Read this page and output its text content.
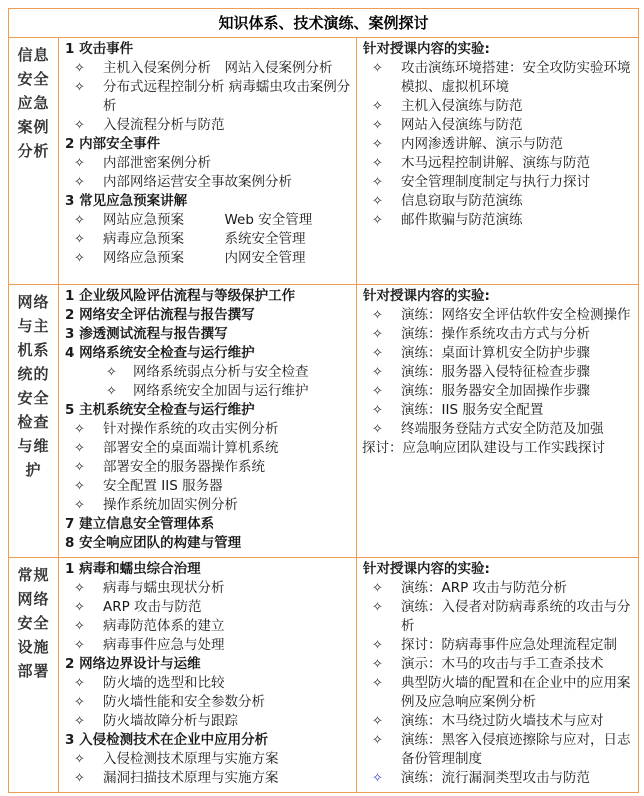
知识体系、技术演练、案例探讨
信息
安全
应急
案例
分析
1 攻击事件
✧ 主机入侵案例分析　网站入侵案例分析
✧ 分布式远程控制分析 病毒蠕虫攻击案例分析
✧ 入侵流程分析与防范
2 内部安全事件
✧ 内部泄密案例分析
✧ 内部网络运营安全事故案例分析
3 常见应急预案讲解
✧ 网站应急预案　　　Web 安全管理
✧ 病毒应急预案　　　系统安全管理
✧ 网络应急预案　　　内网安全管理
针对授课内容的实验:
✧ 攻击演练环境搭建：安全攻防实验环境模拟、虚拟机环境
✧ 主机入侵演练与防范
✧ 网站入侵演练与防范
✧ 内网渗透讲解、演示与防范
✧ 木马远程控制讲解、演练与防范
✧ 安全管理制度制定与执行力探讨
✧ 信息窃取与防范演练
✧ 邮件欺骗与防范演练
网络
与主
机系
统的
安全
检查
与维
护
1 企业级风险评估流程与等级保护工作
2 网络安全评估流程与报告撰写
3 渗透测试流程与报告撰写
4 网络系统安全检查与运行维护
✧ 网络系统弱点分析与安全检查
✧ 网络系统安全加固与运行维护
5 主机系统安全检查与运行维护
✧ 针对操作系统的攻击实例分析
✧ 部署安全的桌面端计算机系统
✧ 部署安全的服务器操作系统
✧ 安全配置 IIS 服务器
✧ 操作系统加固实例分析
7 建立信息安全管理体系
8 安全响应团队的构建与管理
针对授课内容的实验:
✧ 演练：网络安全评估软件安全检测操作
✧ 演练：操作系统攻击方式与分析
✧ 演练：桌面计算机安全防护步骤
✧ 演练：服务器入侵特征检查步骤
✧ 演练：服务器安全加固操作步骤
✧ 演练：IIS 服务安全配置
✧ 终端服务登陆方式安全防范及加强
探讨：应急响应团队建设与工作实践探讨
常规
网络
安全
设施
部署
1 病毒和蠕虫综合治理
✧ 病毒与蠕虫现状分析
✧ ARP 攻击与防范
✧ 病毒防范体系的建立
✧ 病毒事件应急与处理
2 网络边界设计与运维
✧ 防火墙的选型和比较
✧ 防火墙性能和安全参数分析
✧ 防火墙故障分析与跟踪
3 入侵检测技术在企业中应用分析
✧ 入侵检测技术原理与实施方案
✧ 漏洞扫描技术原理与实施方案
针对授课内容的实验:
✧ 演练：ARP 攻击与防范分析
✧ 演练：入侵者对防病毒系统的攻击与分析
✧ 探讨：防病毒事件应急处理流程定制
✧ 演示：木马的攻击与手工查杀技术
✧ 典型防火墙的配置和在企业中的应用案例及应急响应案例分析
✧ 演练：木马绕过防火墙技术与应对
✧ 演练：黑客入侵痕迹擦除与应对，日志备份管理制度
✧ 演练：流行漏洞类型攻击与防范
